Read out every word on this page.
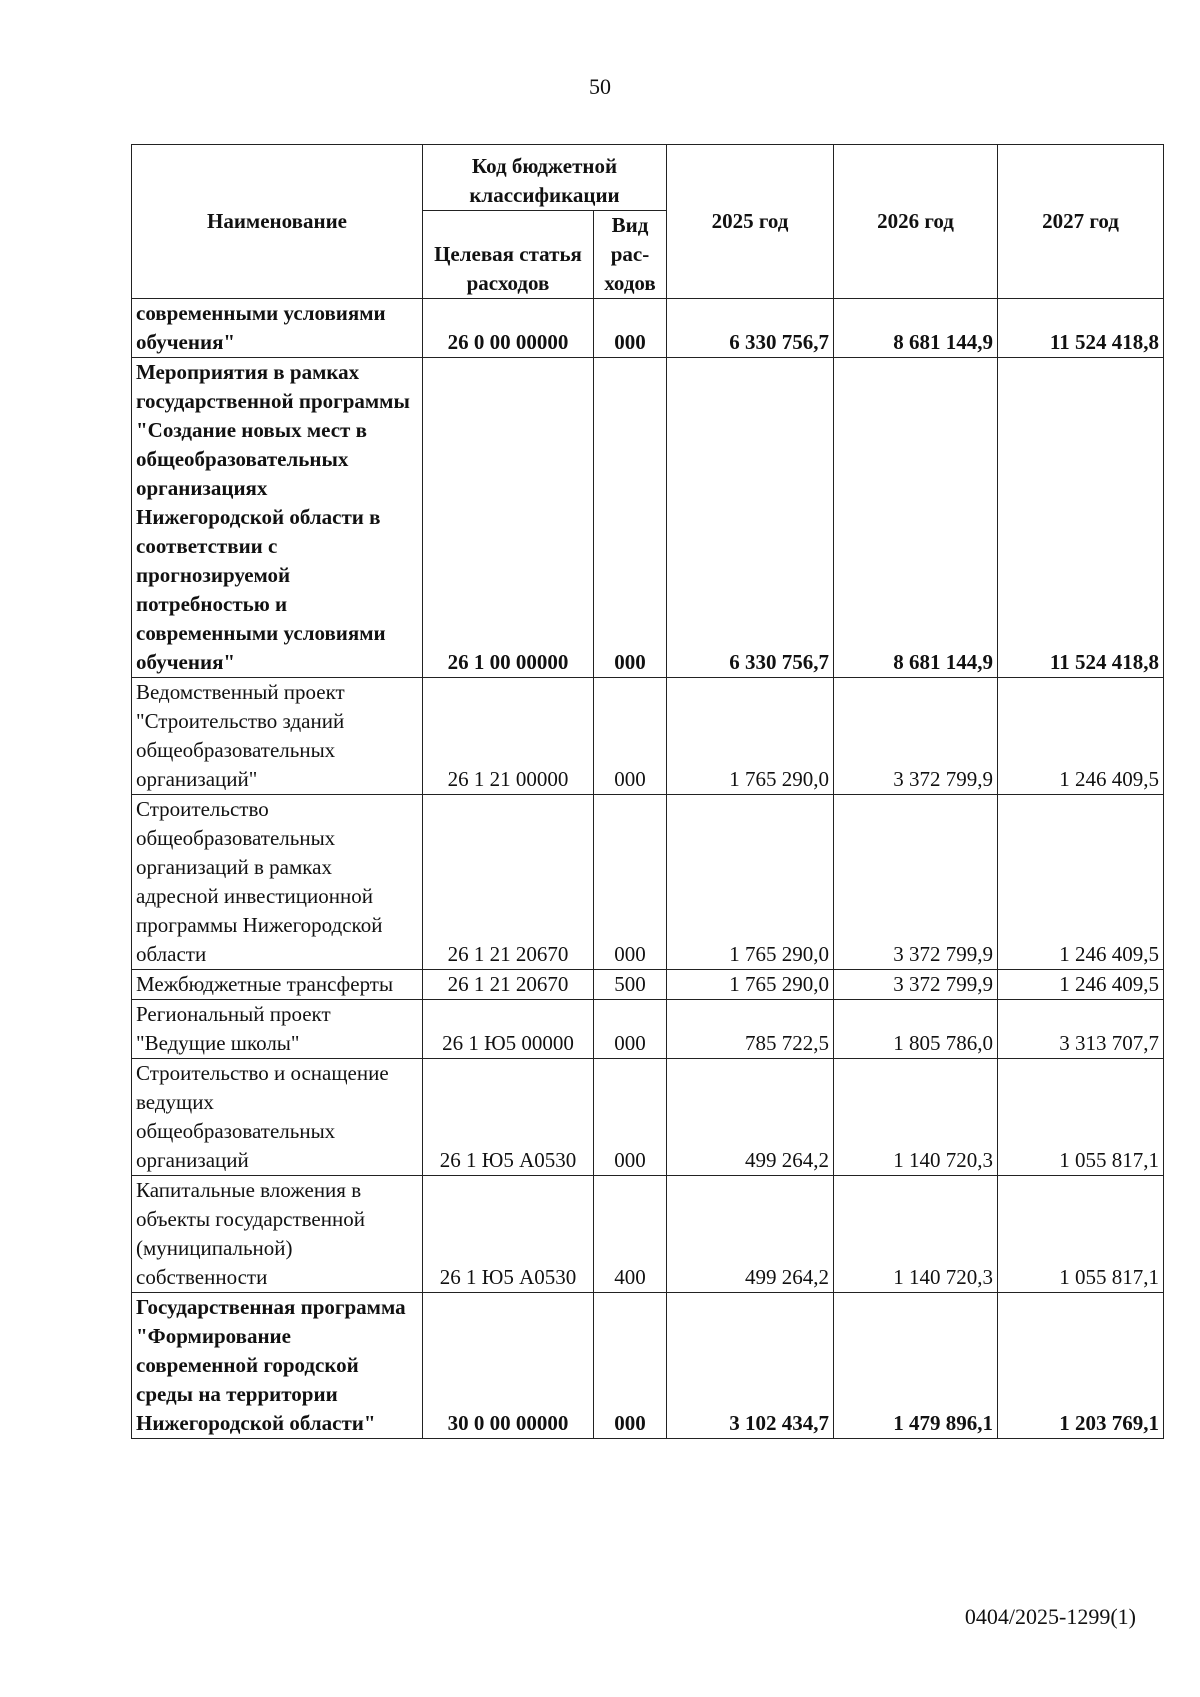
50
Наименование	Код бюджетной классификации		2025 год	2026 год	2027 год
	Целевая статья расходов	Вид рас-ходов			
современными условиями обучения"	26 0 00 00000	000	6 330 756,7	8 681 144,9	11 524 418,8
Мероприятия в рамках государственной программы "Создание новых мест в общеобразовательных организациях Нижегородской области в соответствии с прогнозируемой потребностью и современными условиями обучения"	26 1 00 00000	000	6 330 756,7	8 681 144,9	11 524 418,8
Ведомственный проект "Строительство зданий общеобразовательных организаций"	26 1 21 00000	000	1 765 290,0	3 372 799,9	1 246 409,5
Строительство общеобразовательных организаций в рамках адресной инвестиционной программы Нижегородской области	26 1 21 20670	000	1 765 290,0	3 372 799,9	1 246 409,5
Межбюджетные трансферты	26 1 21 20670	500	1 765 290,0	3 372 799,9	1 246 409,5
Региональный проект "Ведущие школы"	26 1 Ю5 00000	000	785 722,5	1 805 786,0	3 313 707,7
Строительство и оснащение ведущих общеобразовательных организаций	26 1 Ю5 А0530	000	499 264,2	1 140 720,3	1 055 817,1
Капитальные вложения в объекты государственной (муниципальной) собственности	26 1 Ю5 А0530	400	499 264,2	1 140 720,3	1 055 817,1
Государственная программа "Формирование современной городской среды на территории Нижегородской области"	30 0 00 00000	000	3 102 434,7	1 479 896,1	1 203 769,1
0404/2025-1299(1)
